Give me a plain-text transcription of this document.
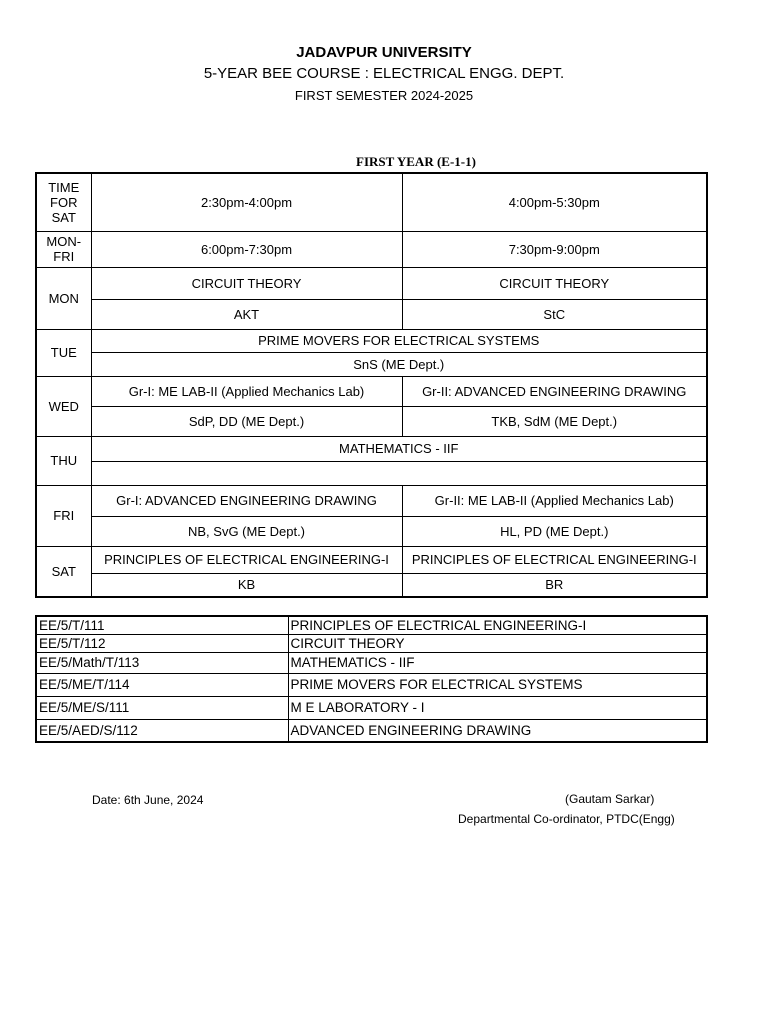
JADAVPUR UNIVERSITY
5-YEAR BEE COURSE : ELECTRICAL ENGG. DEPT.
FIRST SEMESTER 2024-2025
FIRST YEAR (E-1-1)
TIME FOR SAT	2:30pm-4:00pm	4:00pm-5:30pm
MON-FRI	6:00pm-7:30pm	7:30pm-9:00pm
MON	CIRCUIT THEORY	CIRCUIT THEORY
	AKT	StC
TUE	PRIME MOVERS FOR ELECTRICAL SYSTEMS	
	SnS (ME Dept.)	
WED	Gr-I: ME LAB-II (Applied Mechanics Lab)	Gr-II: ADVANCED ENGINEERING DRAWING
	SdP, DD (ME Dept.)	TKB, SdM (ME Dept.)
THU	MATHEMATICS - IIF	

FRI	Gr-I: ADVANCED ENGINEERING DRAWING	Gr-II: ME LAB-II (Applied Mechanics Lab)
	NB, SvG (ME Dept.)	HL, PD (ME Dept.)
SAT	PRINCIPLES OF ELECTRICAL ENGINEERING-I	PRINCIPLES OF ELECTRICAL ENGINEERING-I
	KB	BR
EE/5/T/111	PRINCIPLES OF ELECTRICAL ENGINEERING-I
EE/5/T/112	CIRCUIT THEORY
EE/5/Math/T/113	MATHEMATICS - IIF
EE/5/ME/T/114	PRIME MOVERS FOR ELECTRICAL SYSTEMS
EE/5/ME/S/111	M E LABORATORY - I
EE/5/AED/S/112	ADVANCED ENGINEERING DRAWING
Date: 6th June, 2024	(Gautam Sarkar)
Departmental Co-ordinator, PTDC(Engg)
